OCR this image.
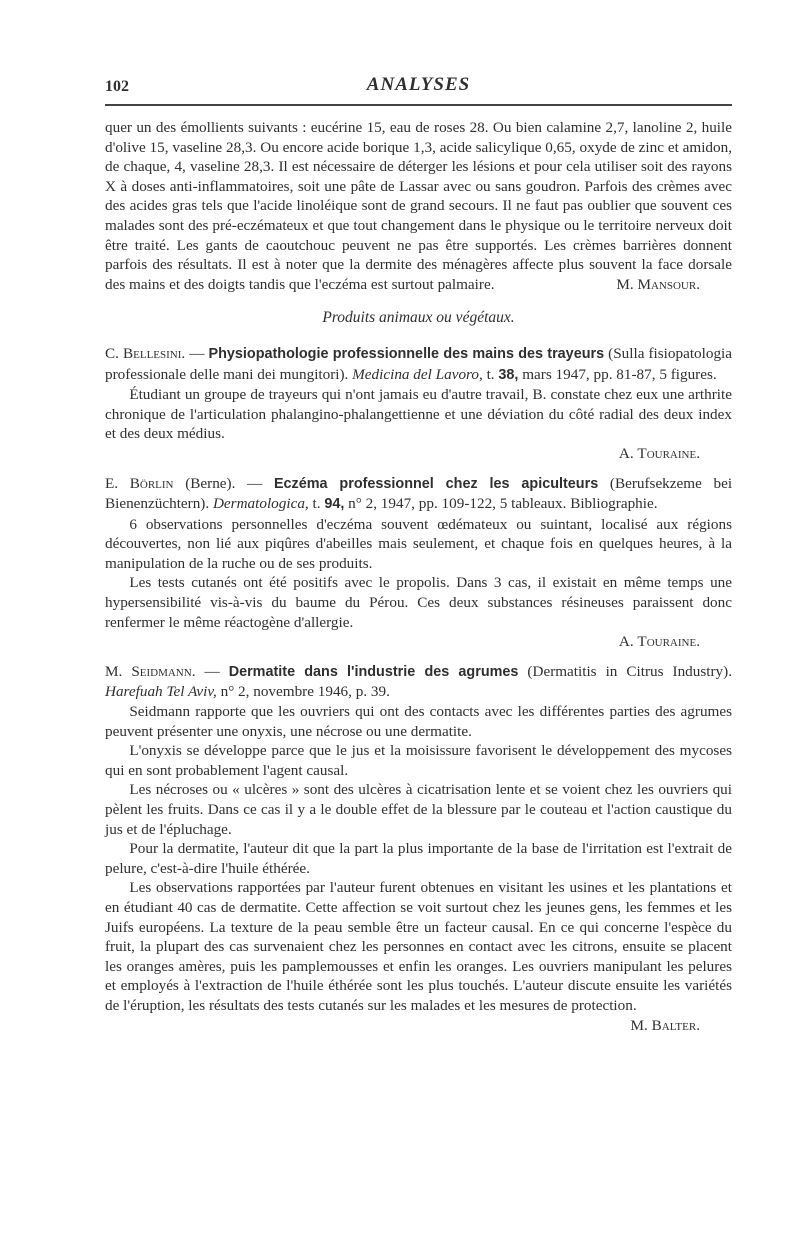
102	ANALYSES

quer un des émollients suivants : eucérine 15, eau de roses 28. Ou bien calamine 2,7, lanoline 2, huile d'olive 15, vaseline 28,3. Ou encore acide borique 1,3, acide salicylique 0,65, oxyde de zinc et amidon, de chaque, 4, vaseline 28,3. Il est nécessaire de déterger les lésions et pour cela utiliser soit des rayons X à doses anti-inflammatoires, soit une pâte de Lassar avec ou sans goudron. Parfois des crèmes avec des acides gras tels que l'acide linoléique sont de grand secours. Il ne faut pas oublier que souvent ces malades sont des pré-eczémateux et que tout changement dans le physique ou le territoire nerveux doit être traité. Les gants de caoutchouc peuvent ne pas être supportés. Les crèmes barrières donnent parfois des résultats. Il est à noter que la dermite des ménagères affecte plus souvent la face dorsale des mains et des doigts tandis que l'eczéma est surtout palmaire.	M. Mansour.

Produits animaux ou végétaux.

C. Bellesini. — Physiopathologie professionnelle des mains des trayeurs (Sulla fisiopatologia professionale delle mani dei mungitori). Medicina del Lavoro, t. 38, mars 1947, pp. 81-87, 5 figures.

Étudiant un groupe de trayeurs qui n'ont jamais eu d'autre travail, B. constate chez eux une arthrite chronique de l'articulation phalangino-phalangettienne et une déviation du côté radial des deux index et des deux médius.

A. Touraine.

E. Börlin (Berne). — Eczéma professionnel chez les apiculteurs (Berufsekzeme bei Bienenzüchtern). Dermatologica, t. 94, n° 2, 1947, pp. 109-122, 5 tableaux. Bibliographie.

6 observations personnelles d'eczéma souvent œdémateux ou suintant, localisé aux régions découvertes, non lié aux piqûres d'abeilles mais seulement, et chaque fois en quelques heures, à la manipulation de la ruche ou de ses produits.

Les tests cutanés ont été positifs avec le propolis. Dans 3 cas, il existait en même temps une hypersensibilité vis-à-vis du baume du Pérou. Ces deux substances résineuses paraissent donc renfermer le même réactogène d'allergie.

A. Touraine.

M. Seidmann. — Dermatite dans l'industrie des agrumes (Dermatitis in Citrus Industry). Harefuah Tel Aviv, n° 2, novembre 1946, p. 39.

Seidmann rapporte que les ouvriers qui ont des contacts avec les différentes parties des agrumes peuvent présenter une onyxis, une nécrose ou une dermatite.

L'onyxis se développe parce que le jus et la moisissure favorisent le développement des mycoses qui en sont probablement l'agent causal.

Les nécroses ou « ulcères » sont des ulcères à cicatrisation lente et se voient chez les ouvriers qui pèlent les fruits. Dans ce cas il y a le double effet de la blessure par le couteau et l'action caustique du jus et de l'épluchage.

Pour la dermatite, l'auteur dit que la part la plus importante de la base de l'irritation est l'extrait de pelure, c'est-à-dire l'huile éthérée.

Les observations rapportées par l'auteur furent obtenues en visitant les usines et les plantations et en étudiant 40 cas de dermatite. Cette affection se voit surtout chez les jeunes gens, les femmes et les Juifs européens. La texture de la peau semble être un facteur causal. En ce qui concerne l'espèce du fruit, la plupart des cas survenaient chez les personnes en contact avec les citrons, ensuite se placent les oranges amères, puis les pamplemousses et enfin les oranges. Les ouvriers manipulant les pelures et employés à l'extraction de l'huile éthérée sont les plus touchés. L'auteur discute ensuite les variétés de l'éruption, les résultats des tests cutanés sur les malades et les mesures de protection.
M. Balter.
